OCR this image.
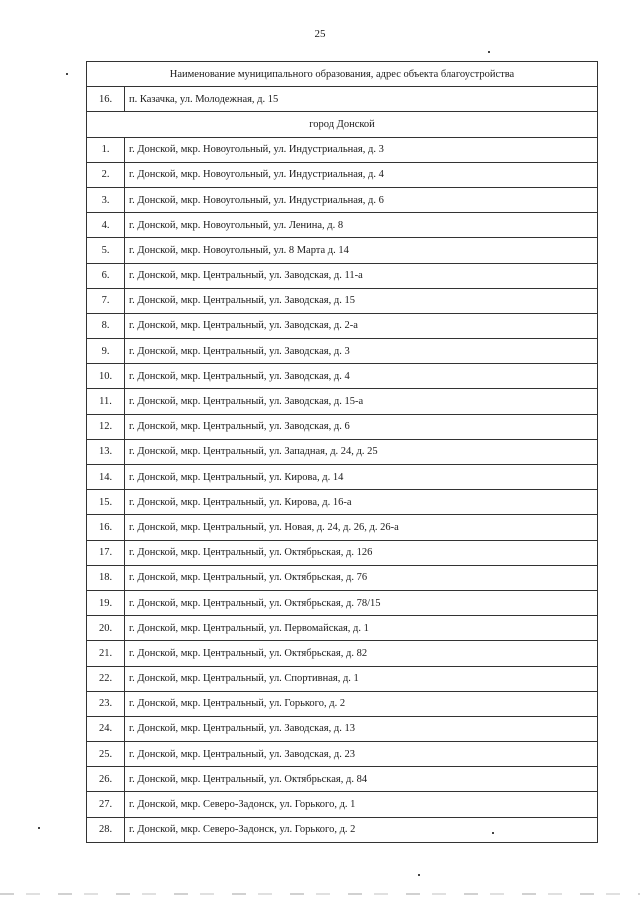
25
Наименование муниципального образования, адрес объекта благоустройства	
16.	п. Казачка, ул. Молодежная, д. 15
город Донской	
1.	г. Донской, мкр. Новоугольный, ул. Индустриальная, д. 3
2.	г. Донской, мкр. Новоугольный, ул. Индустриальная, д. 4
3.	г. Донской, мкр. Новоугольный, ул. Индустриальная, д. 6
4.	г. Донской, мкр. Новоугольный, ул. Ленина, д. 8
5.	г. Донской, мкр. Новоугольный, ул. 8 Марта д. 14
6.	г. Донской, мкр. Центральный, ул. Заводская, д. 11-а
7.	г. Донской, мкр. Центральный, ул. Заводская, д. 15
8.	г. Донской, мкр. Центральный, ул. Заводская, д. 2-а
9.	г. Донской, мкр. Центральный, ул. Заводская, д. 3
10.	г. Донской, мкр. Центральный, ул. Заводская, д. 4
11.	г. Донской, мкр. Центральный, ул. Заводская, д. 15-а
12.	г. Донской, мкр. Центральный, ул. Заводская, д. 6
13.	г. Донской, мкр. Центральный, ул. Западная, д. 24, д. 25
14.	г. Донской, мкр. Центральный, ул. Кирова, д. 14
15.	г. Донской, мкр. Центральный, ул. Кирова, д. 16-а
16.	г. Донской, мкр. Центральный, ул. Новая, д. 24, д. 26, д. 26-а
17.	г. Донской, мкр. Центральный, ул. Октябрьская, д. 126
18.	г. Донской, мкр. Центральный, ул. Октябрьская, д. 76
19.	г. Донской, мкр. Центральный, ул. Октябрьская, д. 78/15
20.	г. Донской, мкр. Центральный, ул. Первомайская, д. 1
21.	г. Донской, мкр. Центральный, ул. Октябрьская, д. 82
22.	г. Донской, мкр. Центральный, ул. Спортивная, д. 1
23.	г. Донской, мкр. Центральный, ул. Горького, д. 2
24.	г. Донской, мкр. Центральный, ул. Заводская, д. 13
25.	г. Донской, мкр. Центральный, ул. Заводская, д. 23
26.	г. Донской, мкр. Центральный, ул. Октябрьская, д. 84
27.	г. Донской, мкр. Северо-Задонск, ул. Горького, д. 1
28.	г. Донской, мкр. Северо-Задонск, ул. Горького, д. 2
